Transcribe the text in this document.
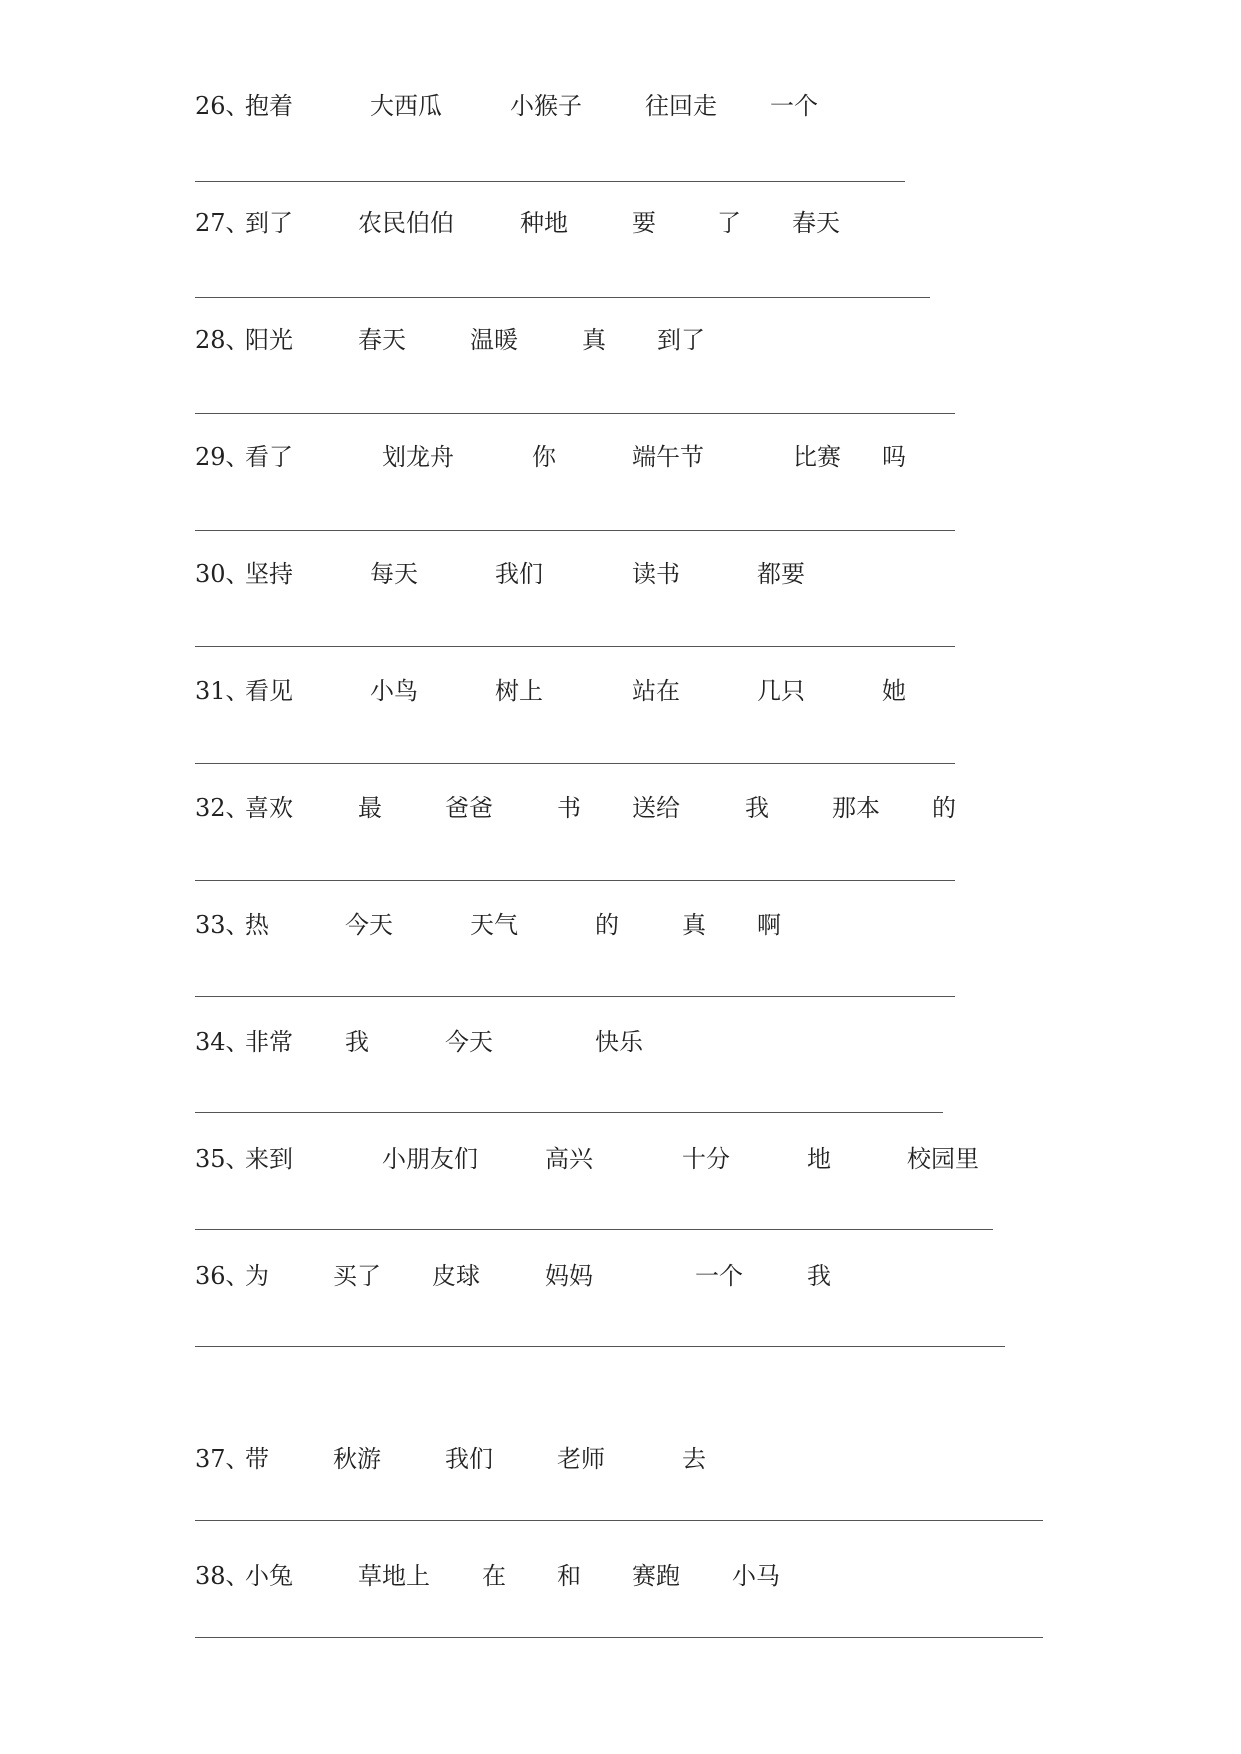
26、
抱着	大西瓜	小猴子	往回走 一个
27、
到了	农民伯伯	种地	要	了 春天
28、
阳光	春天	温暖	真 到了
29、
看了	划龙舟	你	端午节	比赛 吗
30、
坚持	每天	我们	读书	都要
31、
看见	小鸟	树上	站在	几只	她
32、
喜欢	最	爸爸	书 送给	我	那本 的
33、
热	今天	天气	的	真 啊
34、
非常 我	今天	快乐
35、
来到	小朋友们	高兴	十分	地	校园里
36、
为	买了 皮球	妈妈	一个	我
37、
带	秋游	我们	老师	去
38、
小兔	草地上 在 和 赛跑 小马
